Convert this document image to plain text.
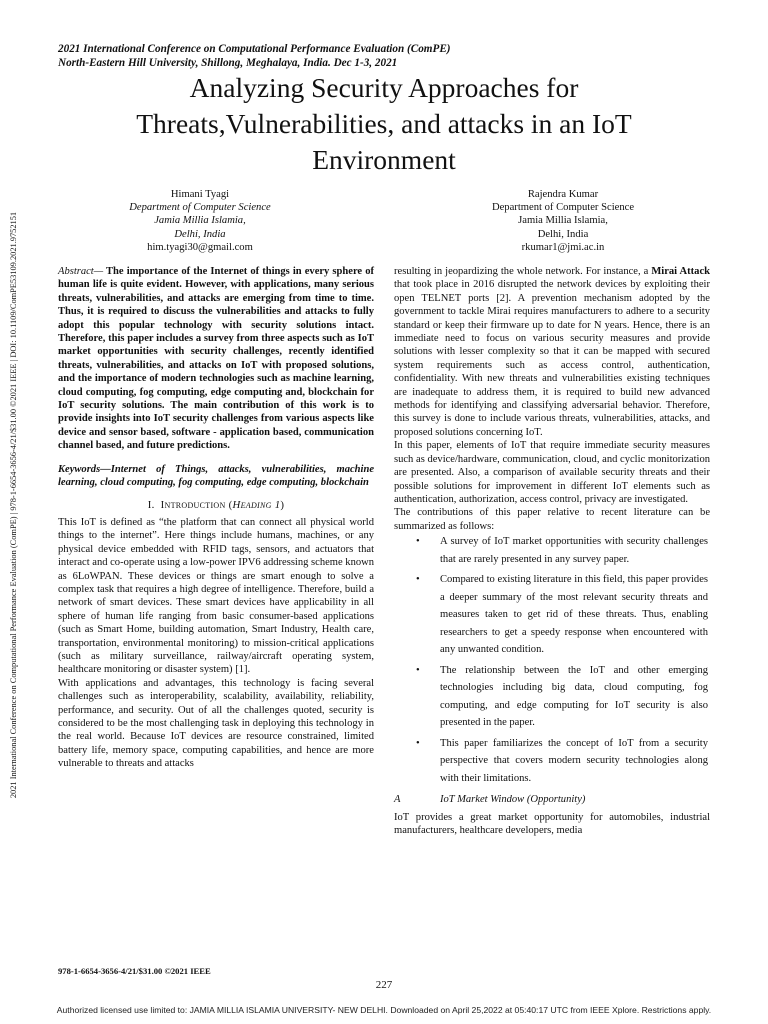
2021 International Conference on Computational Performance Evaluation (ComPE)
North-Eastern Hill University, Shillong, Meghalaya, India. Dec 1-3, 2021
Analyzing Security Approaches for Threats,Vulnerabilities, and attacks in an IoT Environment
2021 International Conference on Computational Performance Evaluation (ComPE) | 978-1-6654-3656-4/21/$31.00 ©2021 IEEE | DOI: 10.1109/ComPE53109.2021.9752151
Himani Tyagi
Department of Computer Science
Jamia Millia Islamia,
Delhi, India
him.tyagi30@gmail.com
Rajendra Kumar
Department of Computer Science
Jamia Millia Islamia,
Delhi, India
rkumar1@jmi.ac.in

Abstract— The importance of the Internet of things in every sphere of human life is quite evident. However, with applications, many serious threats, vulnerabilities, and attacks are emerging from time to time. Thus, it is required to discuss the vulnerabilities and attacks to fully adopt this popular technology with security solutions intact. Therefore, this paper includes a survey from three aspects such as IoT market opportunities with security challenges, recently identified threats, vulnerabilities, and attacks on IoT with proposed solutions, and the importance of modern technologies such as machine learning, cloud computing, fog computing, edge computing and, blockchain for IoT security solutions. The main contribution of this work is to provide insights into IoT security challenges from various aspects like device and sensor based, software - application based, communication channel based, and future predictions.

Keywords—Internet of Things, attacks, vulnerabilities, machine learning, cloud computing, fog computing, edge computing, blockchain

I. Introduction (Heading 1)

This IoT is defined as “the platform that can connect all physical world things to the internet”. Here things include humans, machines, or any physical device embedded with RFID tags, sensors, and actuators that interact and co-operate using a low-power IPV6 addressing scheme known as 6LoWPAN. These devices or things are smart enough to solve a complex task that requires a high degree of intelligence. Therefore, build a network of smart devices. These smart devices have applicability in all sphere of human life ranging from basic consumer-based applications (such as Smart Home, building automation, Smart Industry, Health care, transportation, environmental monitoring) to mission-critical applications (such as military surveillance, railway/aircraft operating system, healthcare monitoring or disaster system) [1].

With applications and advantages, this technology is facing several challenges such as interoperability, scalability, availability, reliability, performance, and security. Out of all the challenges quoted, security is considered to be the most challenging task in deploying this technology in the real world. Because IoT devices are resource constrained, limited battery life, memory space, computing capabilities, and hence are more vulnerable to threats and attacks

resulting in jeopardizing the whole network. For instance, a Mirai Attack that took place in 2016 disrupted the network devices by exploiting their open TELNET ports [2]. A prevention mechanism adopted by the government to tackle Mirai requires manufacturers to adhere to a security standard or keep their firmware up to date for N years. Hence, there is an immediate need to focus on various security measures and provide solutions with lesser complexity so that it can be mapped with secured system requirements such as access control, authentication, confidentiality. With new threats and vulnerabilities existing techniques are inadequate to address them, it is required to build new advanced methods for identifying and classifying adversarial behavior. Therefore, this survey is done to include various threats, vulnerabilities, attacks, and proposed solutions concerning IoT.

In this paper, elements of IoT that require immediate security measures such as device/hardware, communication, cloud, and cyclic monitorization are presented. Also, a comparison of available security threats and their possible solutions for improvement in different IoT elements such as authentication, authorization, access control, privacy are investigated.

The contributions of this paper relative to recent literature can be summarized as follows:

• A survey of IoT market opportunities with security challenges that are rarely presented in any survey paper.
• Compared to existing literature in this field, this paper provides a deeper summary of the most relevant security threats and measures taken to get rid of these threats. Thus, enabling researchers to get a speedy response when encountered with any unwanted condition.
• The relationship between the IoT and other emerging technologies including big data, cloud computing, fog computing, and edge computing for IoT security is also presented in the paper.
• This paper familiarizes the concept of IoT from a security perspective that covers modern security technologies along with their limitations.

A	IoT Market Window (Opportunity)

IoT provides a great market opportunity for automobiles, industrial manufacturers, healthcare developers, media

978-1-6654-3656-4/21/$31.00 ©2021 IEEE
227
Authorized licensed use limited to: JAMIA MILLIA ISLAMIA UNIVERSITY- NEW DELHI. Downloaded on April 25,2022 at 05:40:17 UTC from IEEE Xplore. Restrictions apply.
